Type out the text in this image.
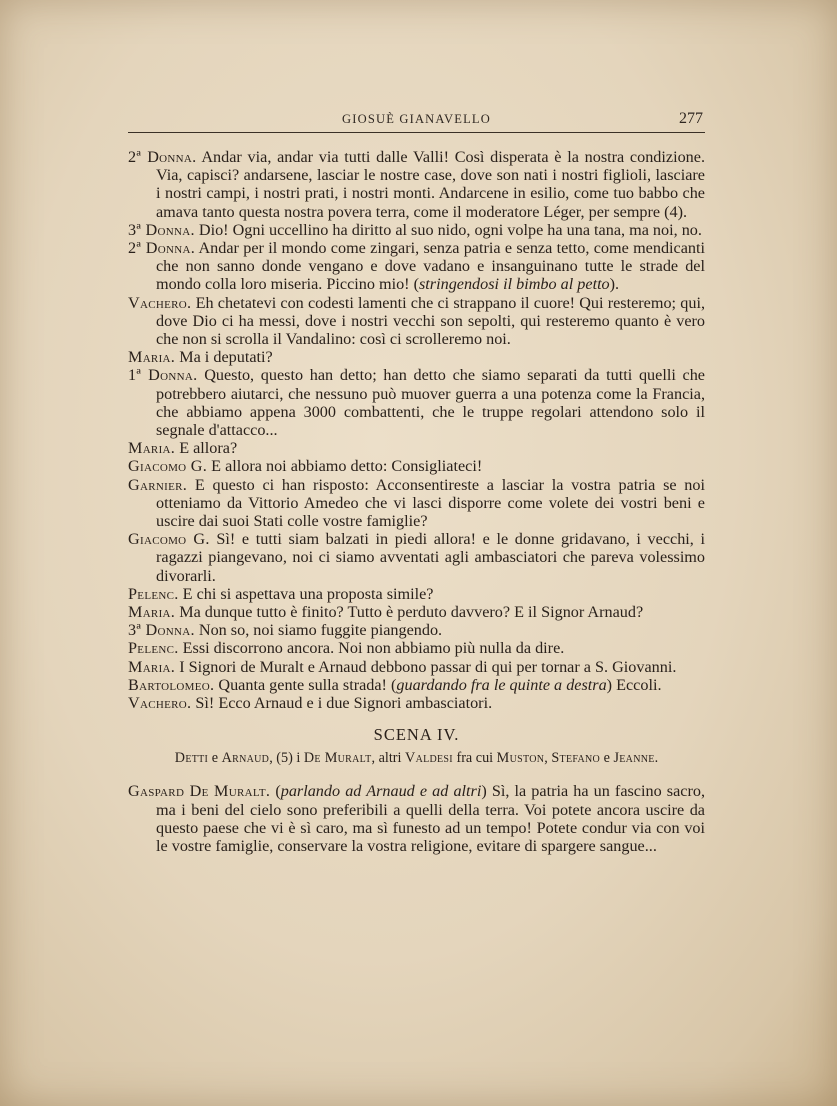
GIOSUÈ GIANAVELLO	277
2ª Donna. Andar via, andar via tutti dalle Valli! Così disperata è la nostra condizione. Via, capisci? andarsene, lasciar le nostre case, dove son nati i nostri figlioli, lasciare i nostri campi, i nostri prati, i nostri monti. Andarcene in esilio, come tuo babbo che amava tanto questa nostra povera terra, come il moderatore Léger, per sempre (4).
3ª Donna. Dio! Ogni uccellino ha diritto al suo nido, ogni volpe ha una tana, ma noi, no.
2ª Donna. Andar per il mondo come zingari, senza patria e senza tetto, come mendicanti che non sanno donde vengano e dove vadano e insanguinano tutte le strade del mondo colla loro miseria. Piccino mio! (stringendosi il bimbo al petto).
Vachero. Eh chetatevi con codesti lamenti che ci strappano il cuore! Qui resteremo; qui, dove Dio ci ha messi, dove i nostri vecchi son sepolti, qui resteremo quanto è vero che non si scrolla il Vandalino: così ci scrolleremo noi.
Maria. Ma i deputati?
1ª Donna. Questo, questo han detto; han detto che siamo separati da tutti quelli che potrebbero aiutarci, che nessuno può muover guerra a una potenza come la Francia, che abbiamo appena 3000 combattenti, che le truppe regolari attendono solo il segnale d'attacco...
Maria. E allora?
Giacomo G. E allora noi abbiamo detto: Consigliateci!
Garnier. E questo ci han risposto: Acconsentireste a lasciar la vostra patria se noi otteniamo da Vittorio Amedeo che vi lasci disporre come volete dei vostri beni e uscire dai suoi Stati colle vostre famiglie?
Giacomo G. Sì! e tutti siam balzati in piedi allora! e le donne gridavano, i vecchi, i ragazzi piangevano, noi ci siamo avventati agli ambasciatori che pareva volessimo divorarli.
Pelenc. E chi si aspettava una proposta simile?
Maria. Ma dunque tutto è finito? Tutto è perduto davvero? E il Signor Arnaud?
3ª Donna. Non so, noi siamo fuggite piangendo.
Pelenc. Essi discorrono ancora. Noi non abbiamo più nulla da dire.
Maria. I Signori de Muralt e Arnaud debbono passar di qui per tornar a S. Giovanni.
Bartolomeo. Quanta gente sulla strada! (guardando fra le quinte a destra) Eccoli.
Vachero. Sì! Ecco Arnaud e i due Signori ambasciatori.
SCENA IV.
Detti e Arnaud, (5) i De Muralt, altri Valdesi fra cui Muston, Stefano e Jeanne.
Gaspard De Muralt. (parlando ad Arnaud e ad altri) Sì, la patria ha un fascino sacro, ma i beni del cielo sono preferibili a quelli della terra. Voi potete ancora uscire da questo paese che vi è sì caro, ma sì funesto ad un tempo! Potete condur via con voi le vostre famiglie, conservare la vostra religione, evitare di spargere sangue...
